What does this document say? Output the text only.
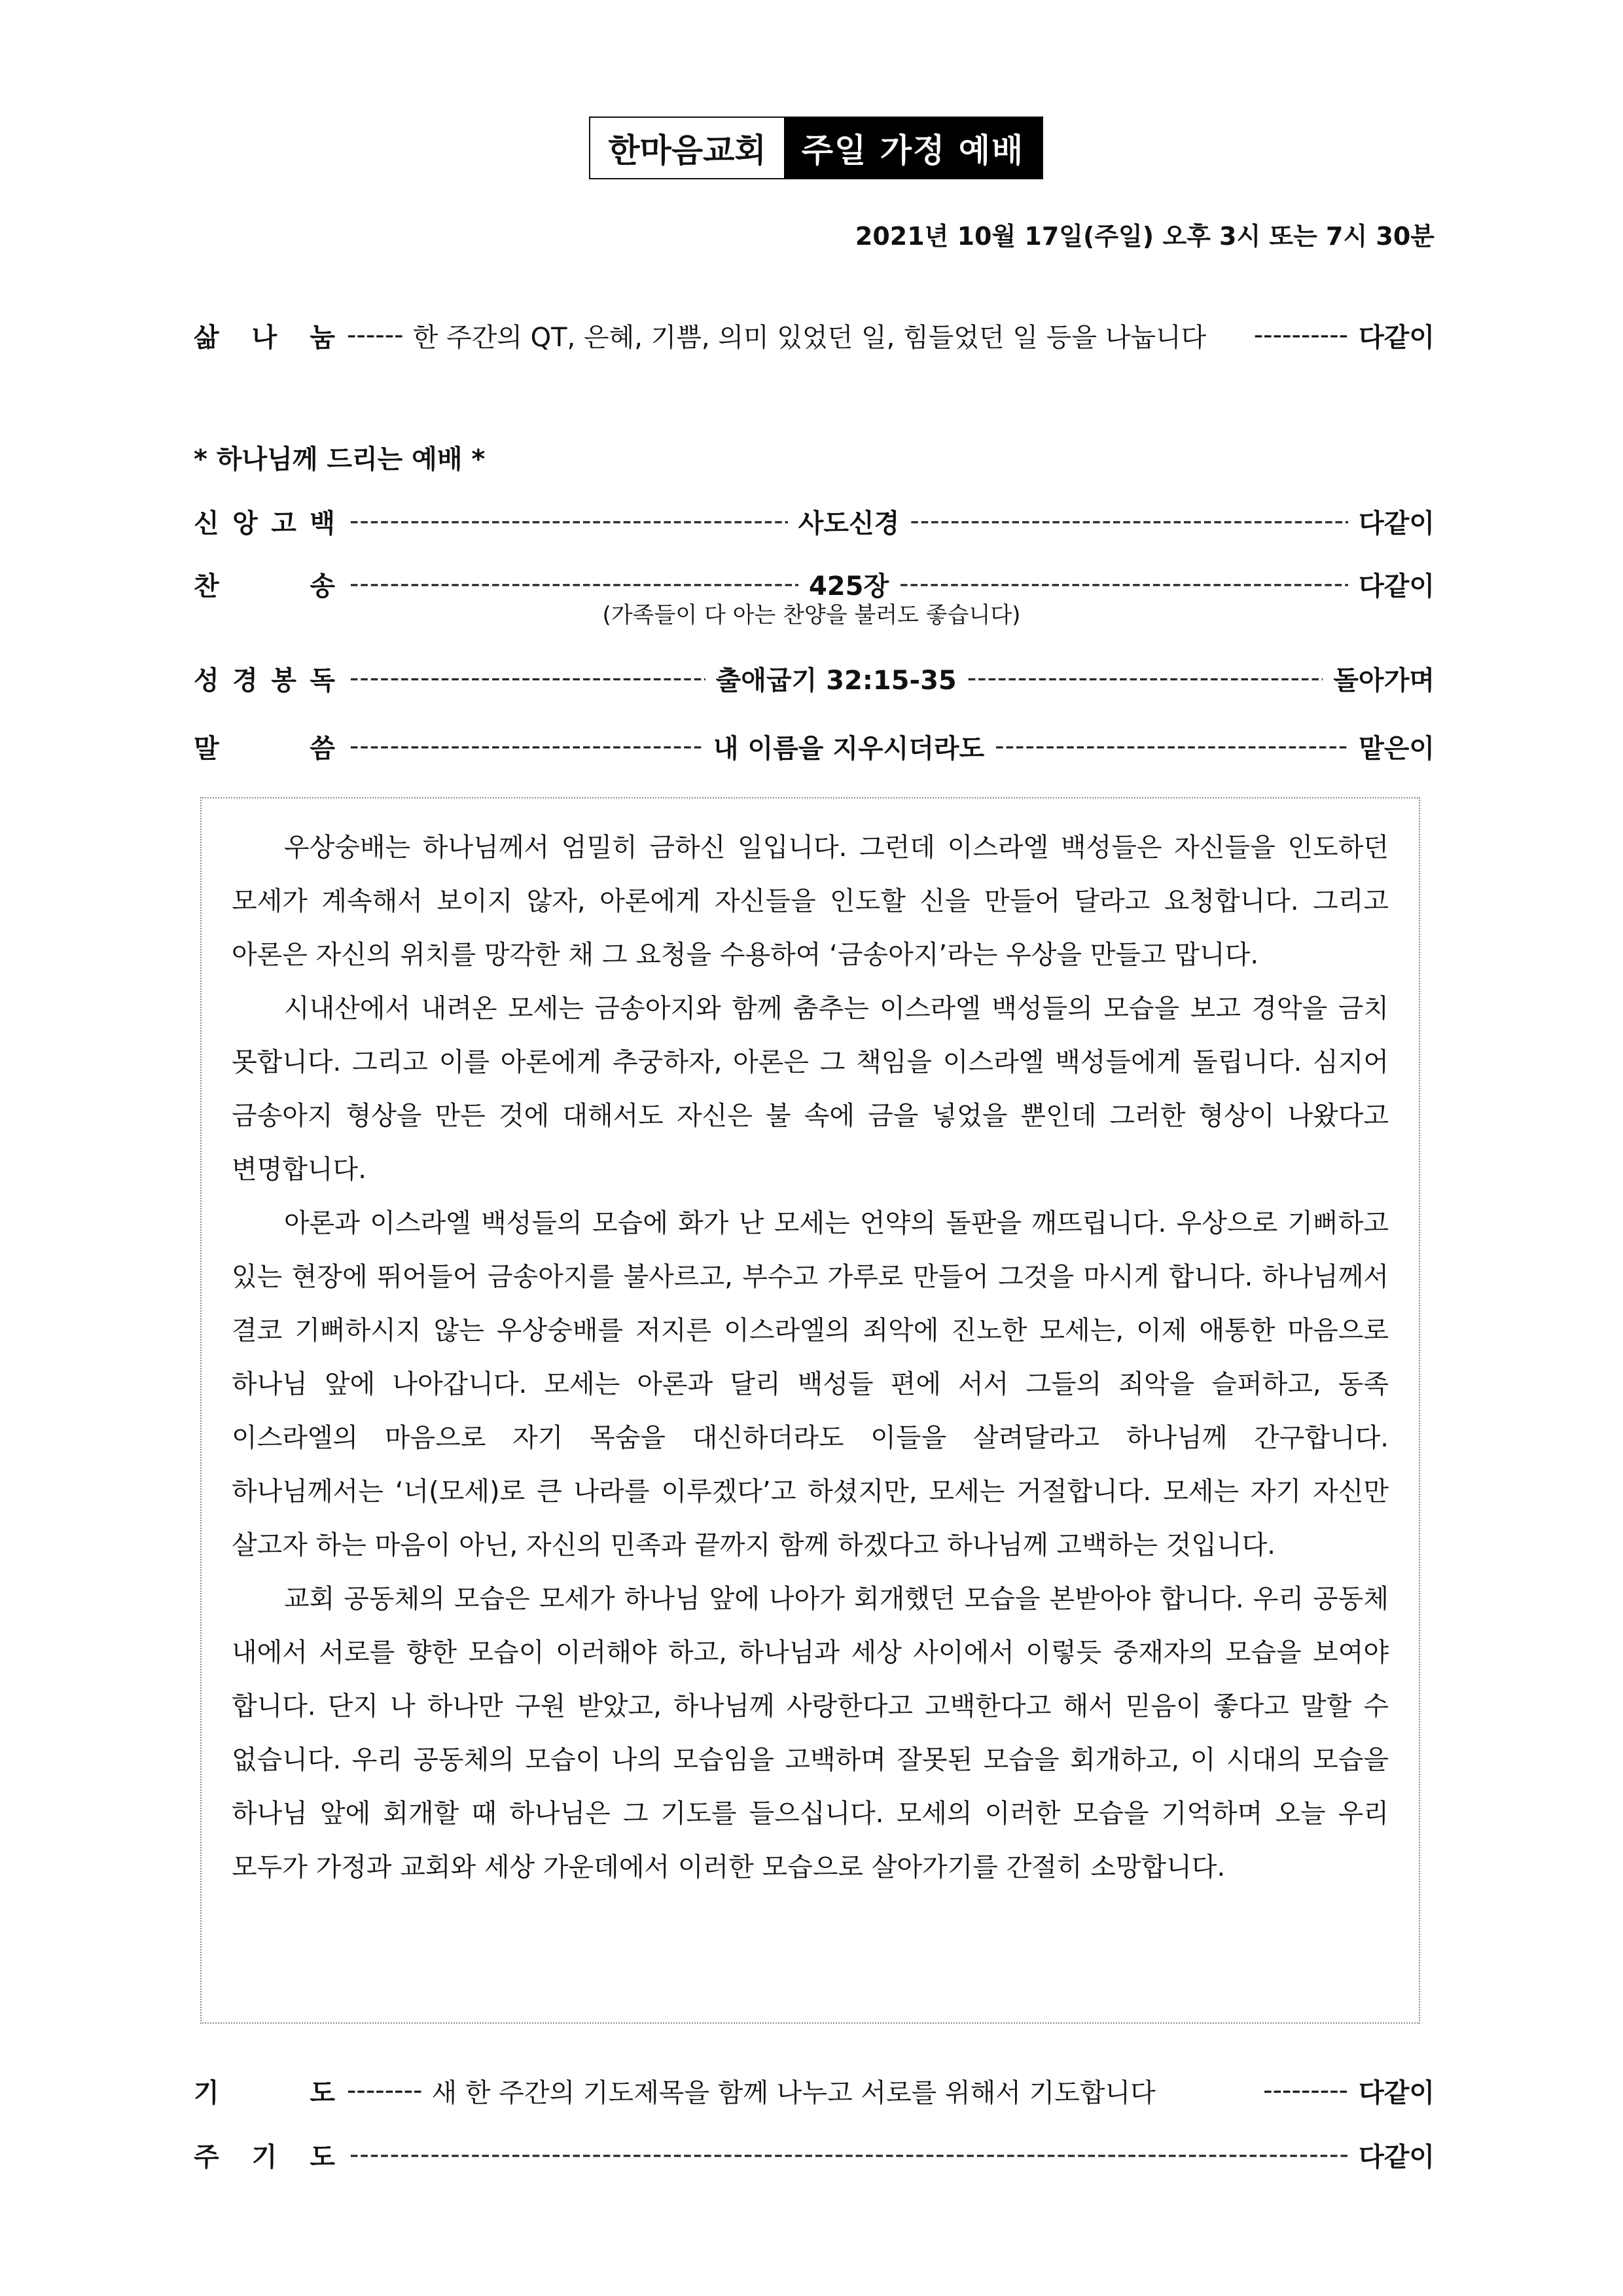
한마음교회	주일 가정 예배
2021년 10월 17일(주일) 오후 3시 또는 7시 30분
삶 나 눔 ------ 한 주간의 QT, 은혜, 기쁨, 의미 있었던 일, 힘들었던 일 등을 나눕니다	---------- 다같이
* 하나님께 드리는 예배 *
신 앙 고 백 -----	사도신경 -----	다같이
찬	송 -----	425장 -----	다같이
(가족들이 다 아는 찬양을 불러도 좋습니다)
성 경 봉 독 -----	출애굽기 32:15-35 -----	돌아가며
말	씀 -----	내 이름을 지우시더라도 -----	맡은이

우상숭배는 하나님께서 엄밀히 금하신 일입니다. 그런데 이스라엘 백성들은 자신들을 인도하던 모세가 계속해서 보이지 않자, 아론에게 자신들을 인도할 신을 만들어 달라고 요청합니다. 그리고 아론은 자신의 위치를 망각한 채 그 요청을 수용하여 ‘금송아지’라는 우상을 만들고 맙니다.

시내산에서 내려온 모세는 금송아지와 함께 춤추는 이스라엘 백성들의 모습을 보고 경악을 금치 못합니다. 그리고 이를 아론에게 추궁하자, 아론은 그 책임을 이스라엘 백성들에게 돌립니다. 심지어 금송아지 형상을 만든 것에 대해서도 자신은 불 속에 금을 넣었을 뿐인데 그러한 형상이 나왔다고 변명합니다.

아론과 이스라엘 백성들의 모습에 화가 난 모세는 언약의 돌판을 깨뜨립니다. 우상으로 기뻐하고 있는 현장에 뛰어들어 금송아지를 불사르고, 부수고 가루로 만들어 그것을 마시게 합니다. 하나님께서 결코 기뻐하시지 않는 우상숭배를 저지른 이스라엘의 죄악에 진노한 모세는, 이제 애통한 마음으로 하나님 앞에 나아갑니다. 모세는 아론과 달리 백성들 편에 서서 그들의 죄악을 슬퍼하고, 동족 이스라엘의 마음으로 자기 목숨을 대신하더라도 이들을 살려달라고 하나님께 간구합니다. 하나님께서는 ‘너(모세)로 큰 나라를 이루겠다’고 하셨지만, 모세는 거절합니다. 모세는 자기 자신만 살고자 하는 마음이 아닌, 자신의 민족과 끝까지 함께 하겠다고 하나님께 고백하는 것입니다.

교회 공동체의 모습은 모세가 하나님 앞에 나아가 회개했던 모습을 본받아야 합니다. 우리 공동체 내에서 서로를 향한 모습이 이러해야 하고, 하나님과 세상 사이에서 이렇듯 중재자의 모습을 보여야 합니다. 단지 나 하나만 구원 받았고, 하나님께 사랑한다고 고백한다고 해서 믿음이 좋다고 말할 수 없습니다. 우리 공동체의 모습이 나의 모습임을 고백하며 잘못된 모습을 회개하고, 이 시대의 모습을 하나님 앞에 회개할 때 하나님은 그 기도를 들으십니다. 모세의 이러한 모습을 기억하며 오늘 우리 모두가 가정과 교회와 세상 가운데에서 이러한 모습으로 살아가기를 간절히 소망합니다.

기	도 -------- 새 한 주간의 기도제목을 함께 나누고 서로를 위해서 기도합니다	--------- 다같이
주 기 도 -----	다같이
